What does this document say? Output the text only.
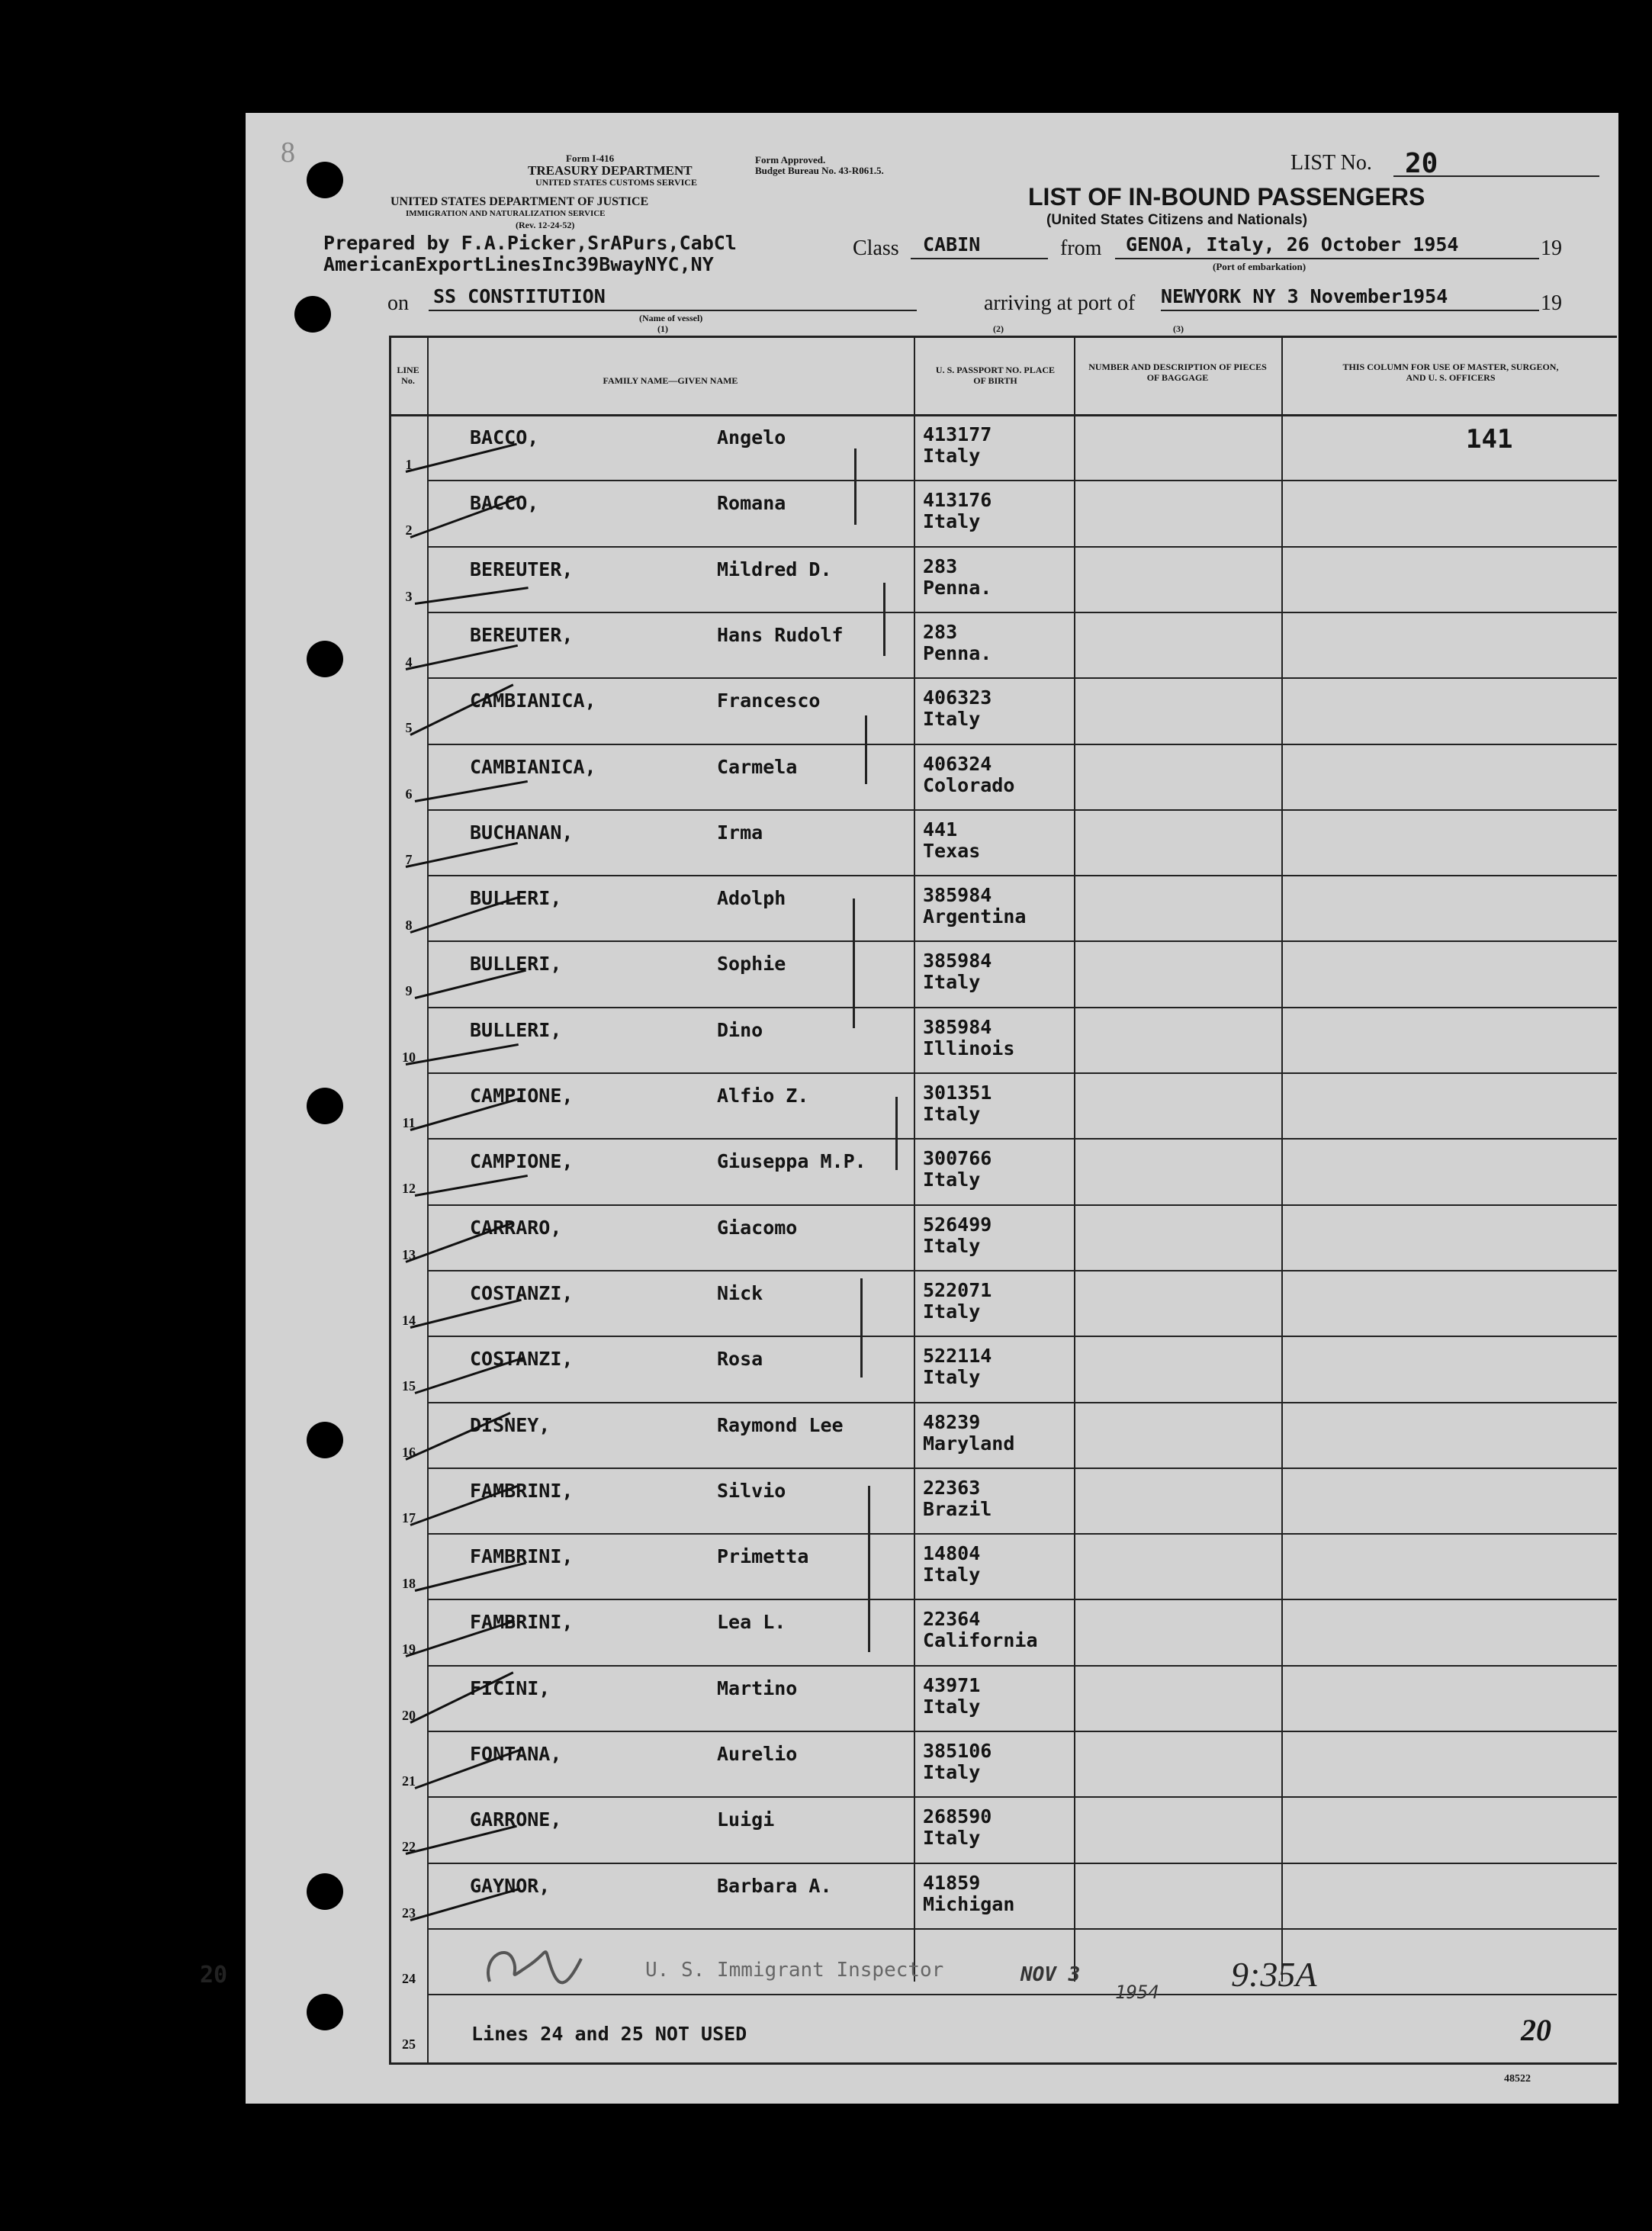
8	Form I-416
TREASURY DEPARTMENT
UNITED STATES CUSTOMS SERVICE
UNITED STATES DEPARTMENT OF JUSTICE
IMMIGRATION AND NATURALIZATION SERVICE
(Rev. 12-24-52)
Form Approved.
Budget Bureau No. 43-R061.5.	LIST No. 20
LIST OF IN-BOUND PASSENGERS
(United States Citizens and Nationals)
Prepared by F.A.Picker,SrAPurs,CabCl
AmericanExportLinesInc39BwayNYC,NY
Class CABIN	from GENOA, Italy, 26 October 1954	19
(Port of embarkation)
on SS CONSTITUTION
(Name of vessel)
(1)
arriving at port of NEWYORK NY 3 November1954	19
(2)	(3)
LINE No.	FAMILY NAME—GIVEN NAME
U. S. PASSPORT NO. PLACE OF BIRTH
NUMBER AND DESCRIPTION OF PIECES OF BAGGAGE
THIS COLUMN FOR USE OF MASTER, SURGEON, AND U. S. OFFICERS
141
1
BACCO,	Angelo	413177
Italy
2
BACCO,	Romana	413176
Italy
3
BEREUTER,	Mildred D.	283
Penna.
4
BEREUTER,	Hans Rudolf	283
Penna.
5
CAMBIANICA,	Francesco	406323
Italy
6
CAMBIANICA,	Carmela	406324
Colorado
7
BUCHANAN,	Irma	441
Texas
8
BULLERI,	Adolph	385984
Argentina
9
BULLERI,	Sophie	385984
Italy
10
BULLERI,	Dino	385984
Illinois
11
CAMPIONE,	Alfio Z.	301351
Italy
12
CAMPIONE,	Giuseppa M.P.	300766
Italy
13
CARRARO,	Giacomo	526499
Italy
14
COSTANZI,	Nick	522071
Italy
15
COSTANZI,	Rosa	522114
Italy
16
DISNEY,	Raymond Lee	48239
Maryland
17
FAMBRINI,	Silvio	22363
Brazil
18
FAMBRINI,	Primetta	14804
Italy
19
FAMBRINI,	Lea L.	22364
California
20
FICINI,	Martino	43971
Italy
21
FONTANA,	Aurelio	385106
Italy
22
GARRONE,	Luigi	268590
Italy
23
GAYNOR,	Barbara A.	41859
Michigan
24
25
20	U. S. Immigrant Inspector	NOV 3
1954 9:35A
Lines 24 and 25 NOT USED	20
48522
